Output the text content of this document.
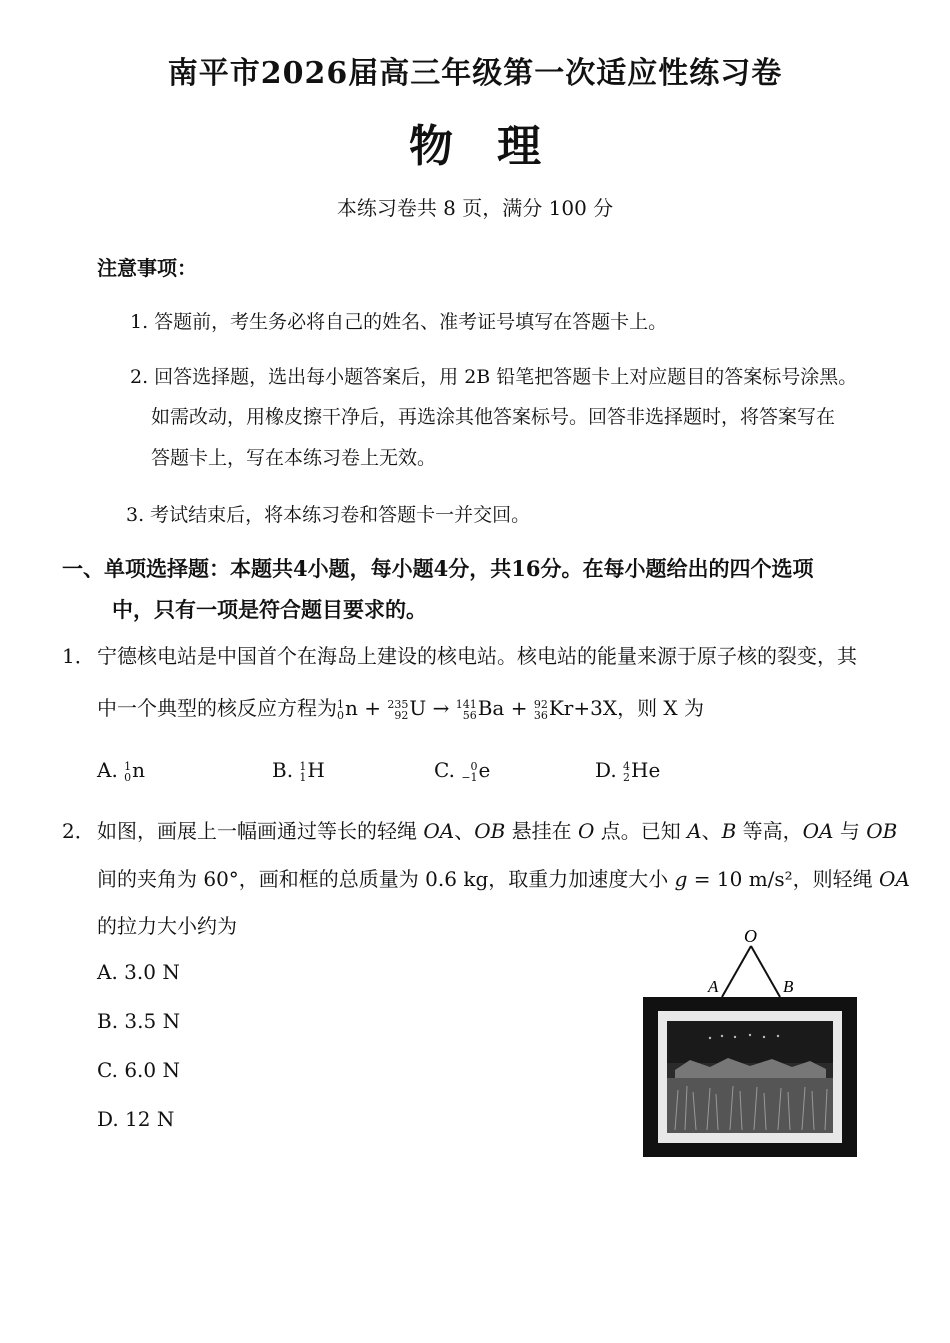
南平市2026届高三年级第一次适应性练习卷
物　理
本练习卷共 8 页，满分 100 分
注意事项：
1. 答题前，考生务必将自己的姓名、准考证号填写在答题卡上。
2. 回答选择题，选出每小题答案后，用 2B 铅笔把答题卡上对应题目的答案标号涂黑。
如需改动，用橡皮擦干净后，再选涂其他答案标号。回答非选择题时，将答案写在
答题卡上，写在本练习卷上无效。
3. 考试结束后，将本练习卷和答题卡一并交回。
一、单项选择题：本题共4小题，每小题4分，共16分。在每小题给出的四个选项
中，只有一项是符合题目要求的。
1． 宁德核电站是中国首个在海岛上建设的核电站。核电站的能量来源于原子核的裂变，其
中一个典型的核反应方程为 1
0 n + 235
92 U → 141
56 Ba + 92
36 Kr+3X，则 X 为
A. 1
0 n	B. 1
1 H	C.	0
−1 e	D. 4
2 He
2． 如图，画展上一幅画通过等长的轻绳 OA、OB 悬挂在 O 点。已知 A、B 等高，OA 与 OB
间的夹角为 60°，画和框的总质量为 0.6 kg，取重力加速度大小 g = 10 m/s²，则轻绳 OA
的拉力大小约为
A. 3.0 N
B. 3.5 N
C. 6.0 N
D. 12 N
O
A	B
